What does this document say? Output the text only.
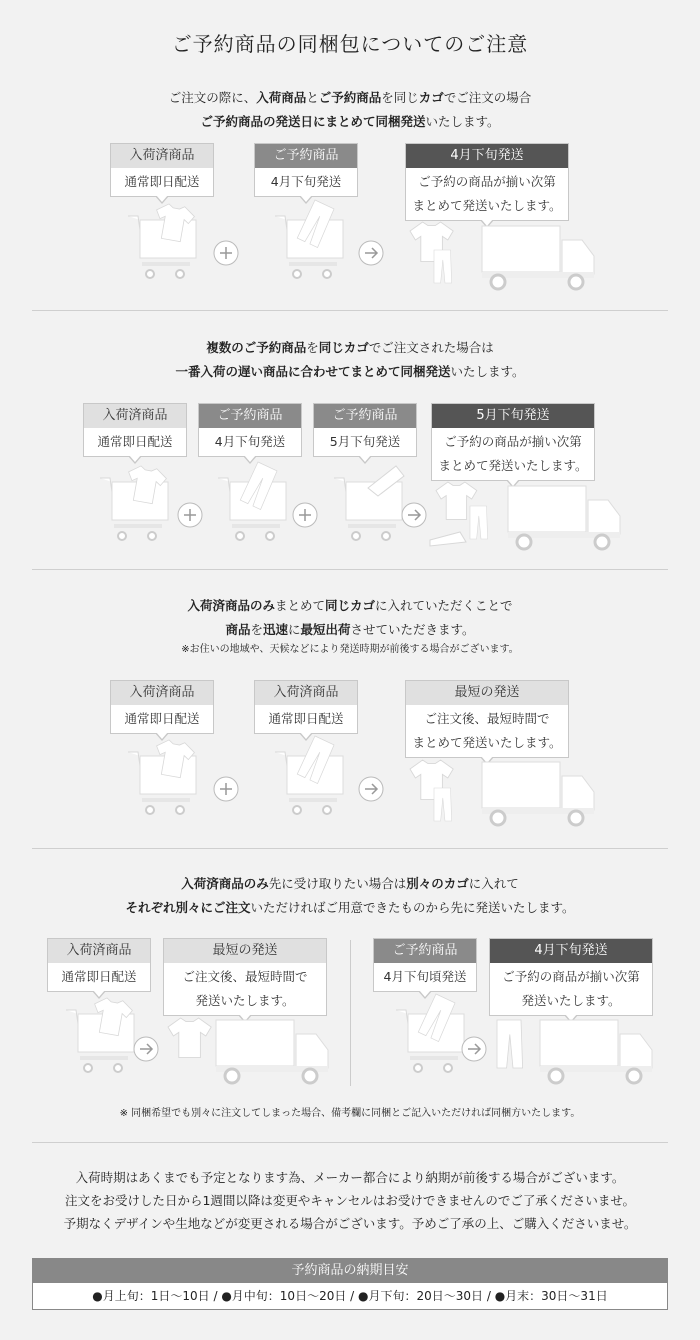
ご予約商品の同梱包についてのご注意
ご注文の際に、入荷商品とご予約商品を同じカゴでご注文の場合
ご予約商品の発送日にまとめて同梱発送いたします。
入荷済商品
通常即日配送
ご予約商品
4月下旬発送
4月下旬発送
ご予約の商品が揃い次第
まとめて発送いたします。
複数のご予約商品を同じカゴでご注文された場合は
一番入荷の遅い商品に合わせてまとめて同梱発送いたします。
入荷済商品
通常即日配送
ご予約商品
4月下旬発送
ご予約商品
5月下旬発送
5月下旬発送
ご予約の商品が揃い次第
まとめて発送いたします。
入荷済商品のみまとめて同じカゴに入れていただくことで
商品を迅速に最短出荷させていただきます。
※お住いの地域や、天候などにより発送時期が前後する場合がございます。
入荷済商品
通常即日配送
入荷済商品
通常即日配送
最短の発送
ご注文後、最短時間で
まとめて発送いたします。
入荷済商品のみ先に受け取りたい場合は別々のカゴに入れて
それぞれ別々にご注文いただければご用意できたものから先に発送いたします。
入荷済商品
通常即日配送
最短の発送
ご注文後、最短時間で
発送いたします。
ご予約商品
4月下旬頃発送
4月下旬発送
ご予約の商品が揃い次第
発送いたします。
※ 同梱希望でも別々に注文してしまった場合、備考欄に同梱とご記入いただければ同梱方いたします。
入荷時期はあくまでも予定となります為、メーカー都合により納期が前後する場合がございます。
注文をお受けした日から1週間以降は変更やキャンセルはお受けできませんのでご了承くださいませ。
予期なくデザインや生地などが変更される場合がございます。予めご了承の上、ご購入くださいませ。
予約商品の納期目安
●月上旬：1日〜10日 / ●月中旬：10日〜20日 / ●月下旬：20日〜30日 / ●月末：30日〜31日
